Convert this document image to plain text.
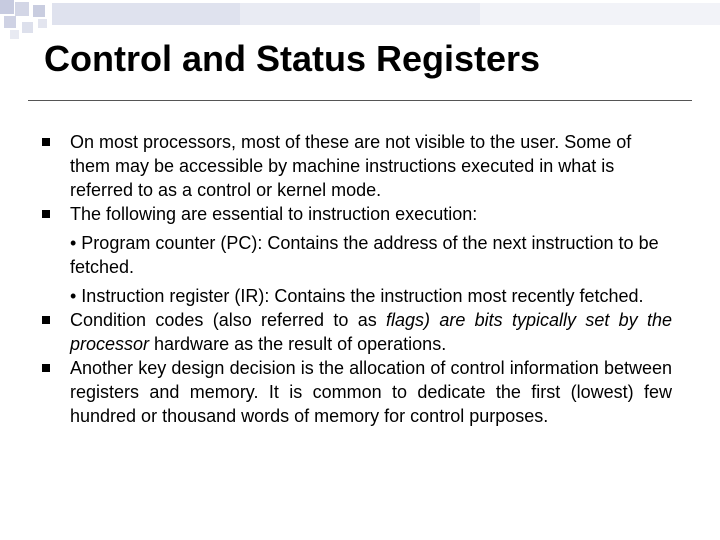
Control and Status Registers
On most processors, most of these are not visible to the user. Some of them may be accessible by machine instructions executed in what is referred to as a control or kernel mode.
The following are essential to instruction execution:
• Program counter (PC): Contains the address of the next instruction to be fetched.
• Instruction register (IR): Contains the instruction most recently fetched.
Condition codes (also referred to as flags) are bits typically set by the processor hardware as the result of operations.
Another key design decision is the allocation of control information between registers and memory. It is common to dedicate the first (lowest) few hundred or thousand words of memory for control purposes.
